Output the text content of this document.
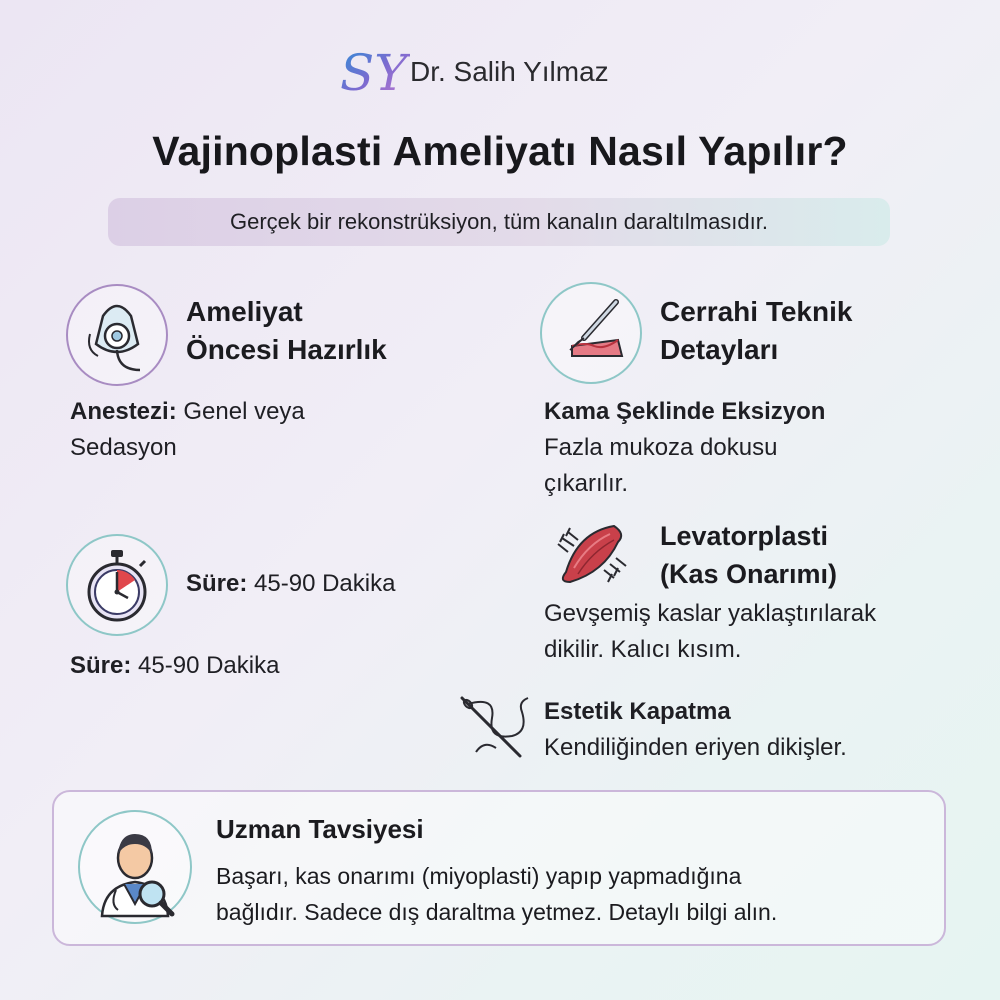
SY Dr. Salih Yılmaz
Vajinoplasti Ameliyatı Nasıl Yapılır?
Gerçek bir rekonstrüksiyon, tüm kanalın daraltılmasıdır.
Ameliyat
Öncesi Hazırlık
Anestezi: Genel veya
Sedasyon
Süre: 45-90 Dakika
Süre: 45-90 Dakika
Cerrahi Teknik
Detayları
Kama Şeklinde Eksizyon
Fazla mukoza dokusu
çıkarılır.
Levatorplasti
(Kas Onarımı)
Gevşemiş kaslar yaklaştırılarak
dikilir. Kalıcı kısım.
Estetik Kapatma
Kendiliğinden eriyen dikişler.
Uzman Tavsiyesi
Başarı, kas onarımı (miyoplasti) yapıp yapmadığına
bağlıdır. Sadece dış daraltma yetmez. Detaylı bilgi alın.
